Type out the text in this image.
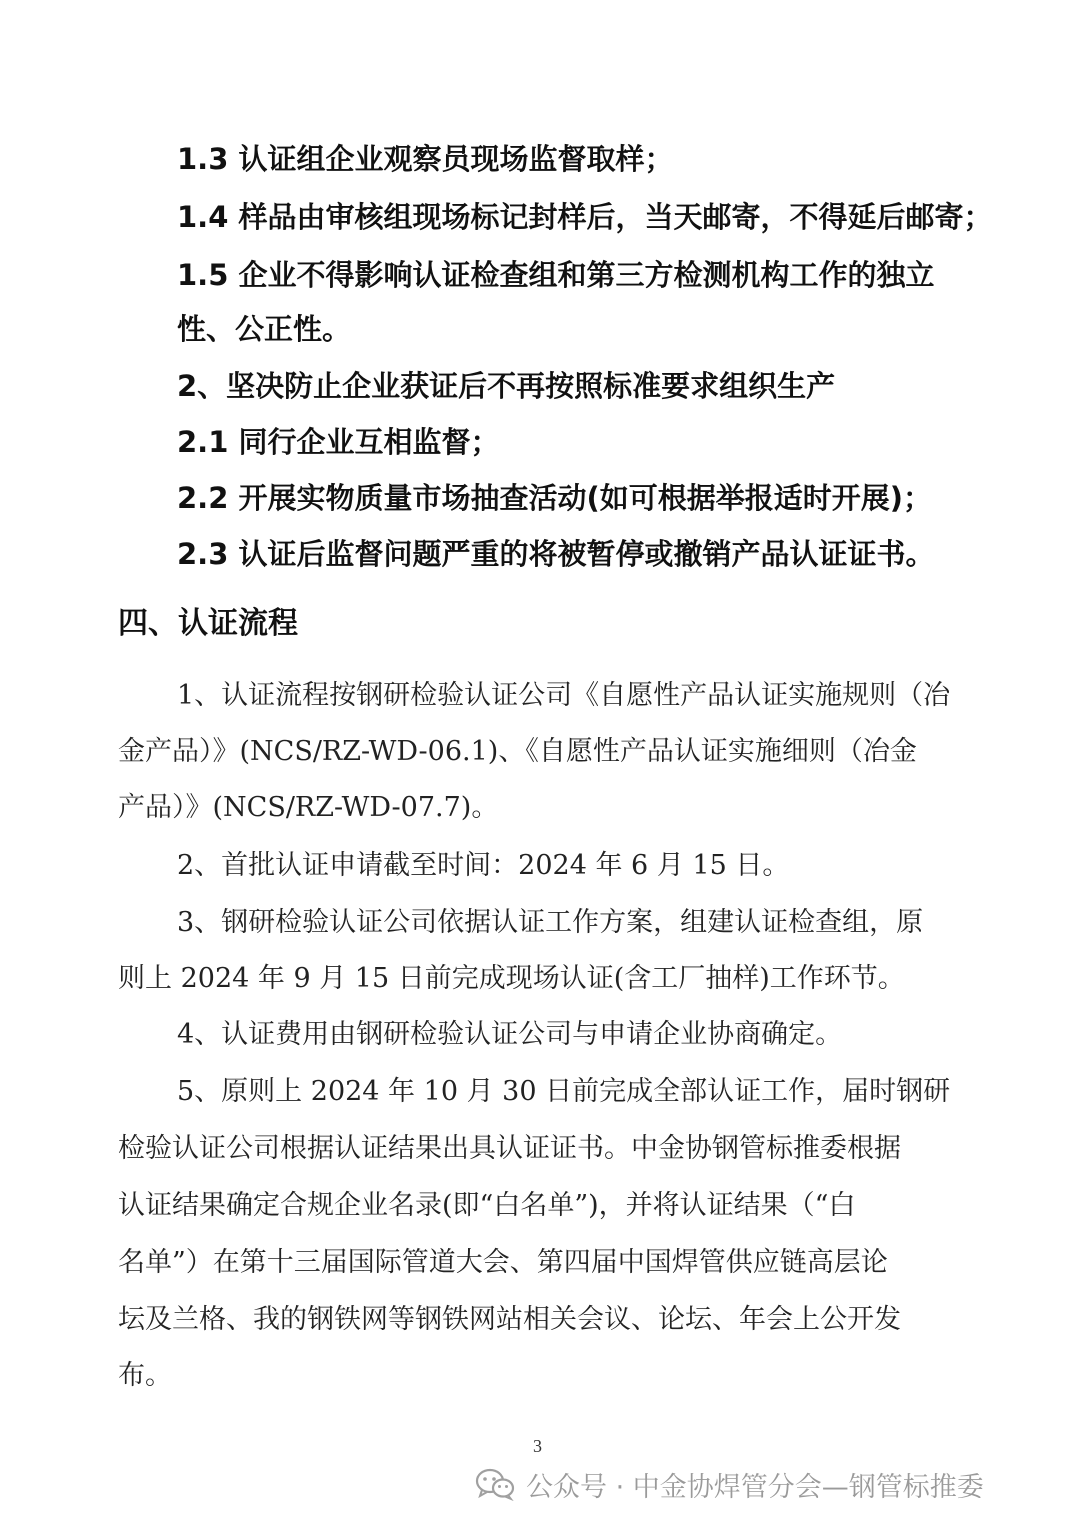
1.3 认证组企业观察员现场监督取样；
1.4 样品由审核组现场标记封样后，当天邮寄，不得延后邮寄；
1.5 企业不得影响认证检查组和第三方检测机构工作的独立
性、公正性。
2、坚决防止企业获证后不再按照标准要求组织生产
2.1 同行企业互相监督；
2.2 开展实物质量市场抽查活动(如可根据举报适时开展)；
2.3 认证后监督问题严重的将被暂停或撤销产品认证证书。
四、认证流程
1、认证流程按钢研检验认证公司《自愿性产品认证实施规则（冶
金产品）》(NCS/RZ-WD-06.1)、《自愿性产品认证实施细则（冶金
产品）》(NCS/RZ-WD-07.7)。
2、首批认证申请截至时间：2024 年 6 月 15 日。
3、钢研检验认证公司依据认证工作方案，组建认证检查组，原
则上 2024 年 9 月 15 日前完成现场认证(含工厂抽样)工作环节。
4、认证费用由钢研检验认证公司与申请企业协商确定。
5、原则上 2024 年 10 月 30 日前完成全部认证工作，届时钢研
检验认证公司根据认证结果出具认证证书。中金协钢管标推委根据
认证结果确定合规企业名录(即“白名单”)，并将认证结果（“白
名单”）在第十三届国际管道大会、第四届中国焊管供应链高层论
坛及兰格、我的钢铁网等钢铁网站相关会议、论坛、年会上公开发
布。
3
公众号 · 中金协焊管分会—钢管标推委
